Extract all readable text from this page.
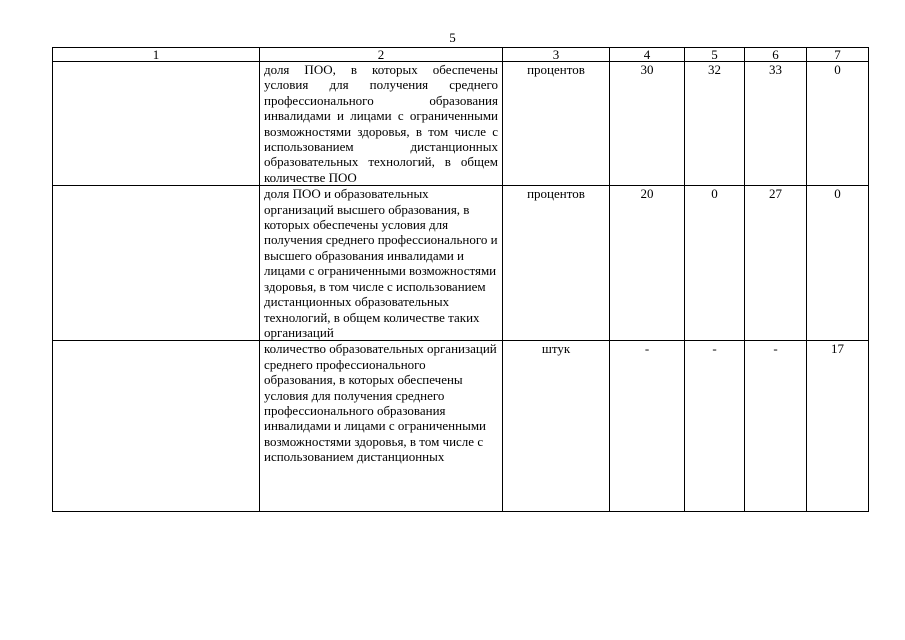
5
1	2	3	4	5	6	7
	доля ПОО, в которых обеспечены условия для получения среднего профессионального образования инвалидами и лицами с ограниченными возможностями здоровья, в том числе с использованием дистанционных образовательных технологий, в общем количестве ПОО	процентов	30	32	33	0
	доля ПОО и образовательных организаций высшего образования, в которых обеспечены условия для получения среднего профессионального и высшего образования инвалидами и лицами с ограниченными возможностями здоровья, в том числе с использованием дистанционных образовательных технологий, в общем количестве таких организаций	процентов	20	0	27	0
	количество образовательных организаций среднего профессионального образования, в которых обеспечены условия для получения среднего профессионального образования инвалидами и лицами с ограниченными возможностями здоровья, в том числе с использованием дистанционных	штук	-	-	-	17
